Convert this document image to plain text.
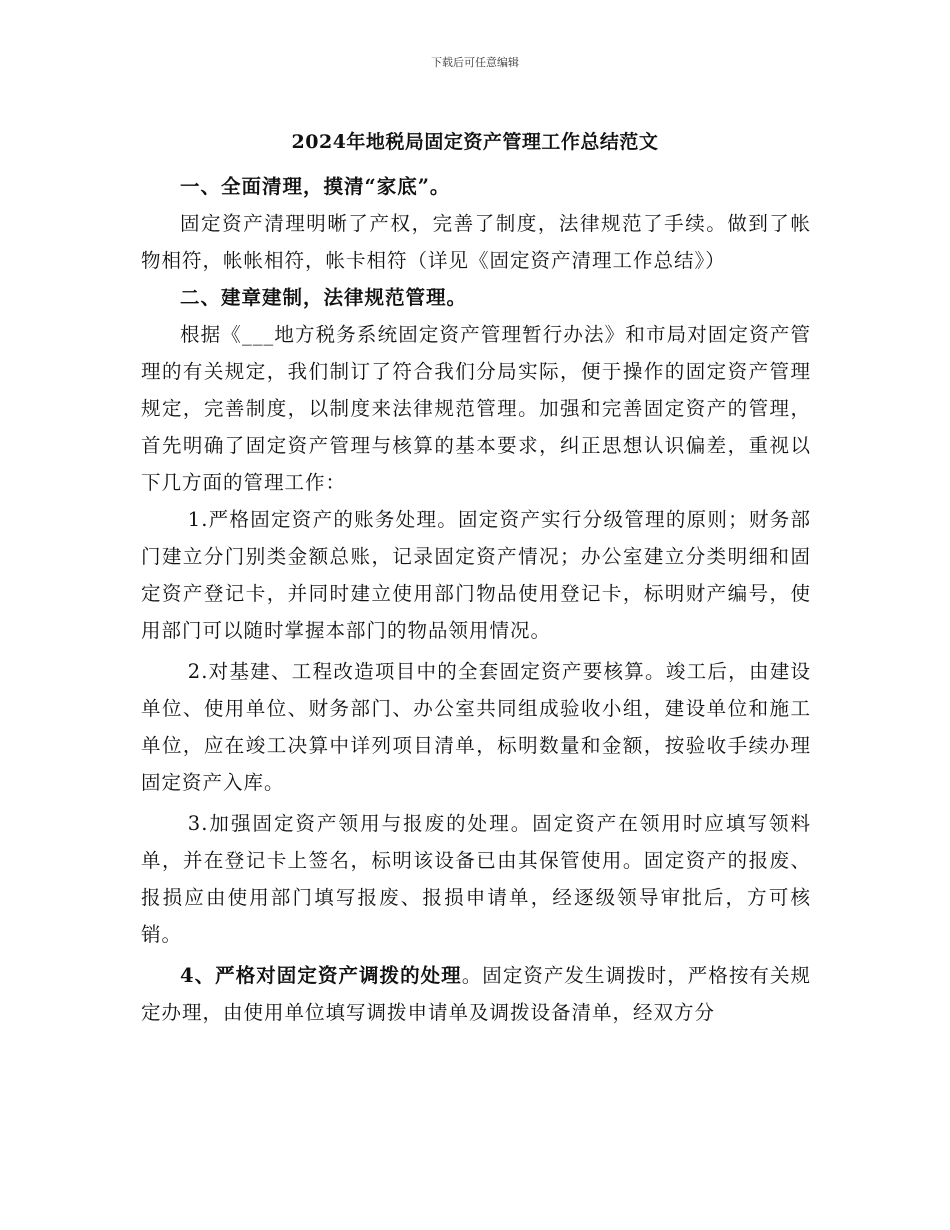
下载后可任意编辑
2024年地税局固定资产管理工作总结范文

一、全面清理，摸清“家底”。

固定资产清理明晰了产权，完善了制度，法律规范了手续。做到了帐物相符，帐帐相符，帐卡相符（详见《固定资产清理工作总结》）

二、建章建制，法律规范管理。

根据《___地方税务系统固定资产管理暂行办法》和市局对固定资产管理的有关规定，我们制订了符合我们分局实际，便于操作的固定资产管理规定，完善制度，以制度来法律规范管理。加强和完善固定资产的管理，首先明确了固定资产管理与核算的基本要求，纠正思想认识偏差，重视以下几方面的管理工作：

1.严格固定资产的账务处理。固定资产实行分级管理的原则；财务部门建立分门别类金额总账，记录固定资产情况；办公室建立分类明细和固定资产登记卡，并同时建立使用部门物品使用登记卡，标明财产编号，使用部门可以随时掌握本部门的物品领用情况。

2.对基建、工程改造项目中的全套固定资产要核算。竣工后，由建设单位、使用单位、财务部门、办公室共同组成验收小组，建设单位和施工单位，应在竣工决算中详列项目清单，标明数量和金额，按验收手续办理固定资产入库。

3.加强固定资产领用与报废的处理。固定资产在领用时应填写领料单，并在登记卡上签名，标明该设备已由其保管使用。固定资产的报废、报损应由使用部门填写报废、报损申请单，经逐级领导审批后，方可核销。

4、严格对固定资产调拨的处理。固定资产发生调拨时，严格按有关规定办理，由使用单位填写调拨申请单及调拨设备清单，经双方分
